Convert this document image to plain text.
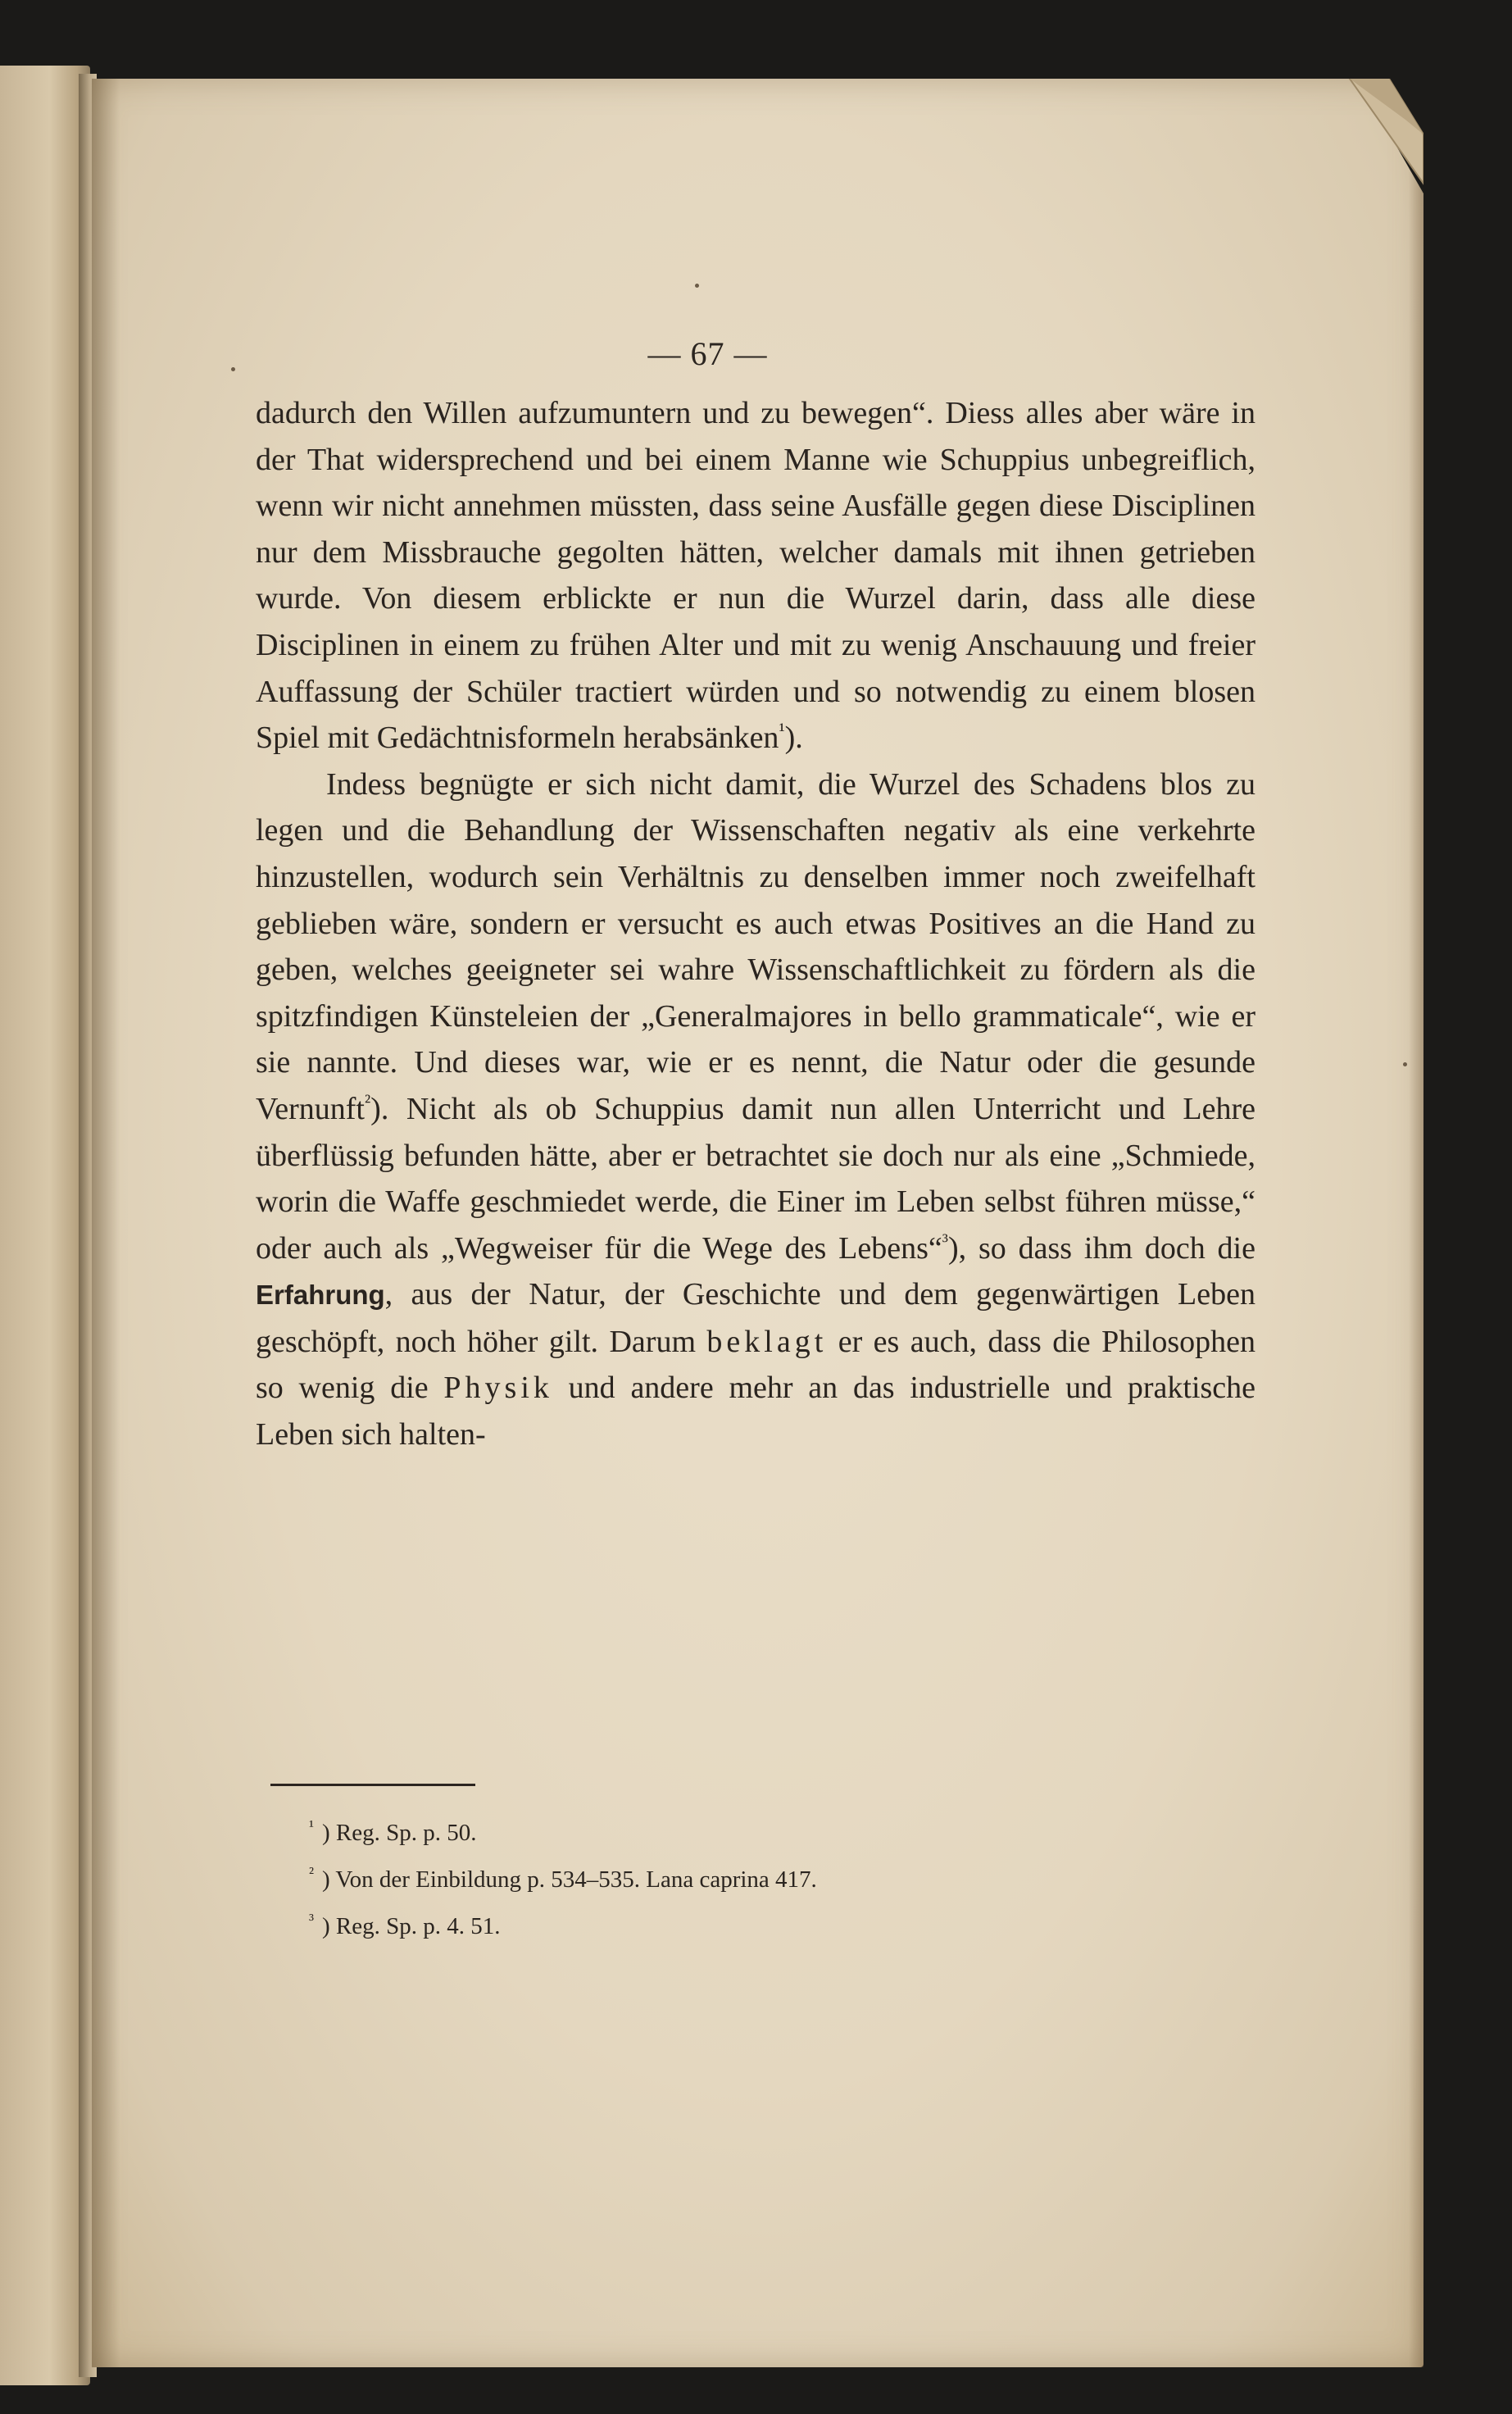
— 67 —

dadurch den Willen aufzumuntern und zu bewegen“. Diess alles aber wäre in der That widersprechend und bei einem Manne wie Schuppius unbegreiflich, wenn wir nicht annehmen müssten, dass seine Ausfälle gegen diese Disciplinen nur dem Missbrauche gegolten hätten, welcher damals mit ihnen getrieben wurde. Von diesem erblickte er nun die Wurzel darin, dass alle diese Disciplinen in einem zu frühen Alter und mit zu wenig Anschauung und freier Auffassung der Schüler tractiert würden und so notwendig zu einem blosen Spiel mit Gedächtnisformeln herabsänken$^{^1}$).

Indess begnügte er sich nicht damit, die Wurzel des Schadens blos zu legen und die Behandlung der Wissenschaften negativ als eine verkehrte hinzustellen, wodurch sein Verhältnis zu denselben immer noch zweifelhaft geblieben wäre, sondern er versucht es auch etwas Positives an die Hand zu geben, welches geeigneter sei wahre Wissenschaftlichkeit zu fördern als die spitzfindigen Künsteleien der „Generalmajores in bello grammaticale“, wie er sie nannte. Und dieses war, wie er es nennt, die Natur oder die gesunde Vernunft$^{^2}$). Nicht als ob Schuppius damit nun allen Unterricht und Lehre überflüssig befunden hätte, aber er betrachtet sie doch nur als eine „Schmiede, worin die Waffe geschmiedet werde, die Einer im Leben selbst führen müsse,“ oder auch als „Wegweiser für die Wege des Lebens“$^{^3}$), so dass ihm doch die Erfahrung, aus der Natur, der Geschichte und dem gegenwärtigen Leben geschöpft, noch höher gilt. Darum beklagt er es auch, dass die Philosophen so wenig die Physik und andere mehr an das industrielle und praktische Leben sich halten-

$^{^1}$ ) Reg. Sp. p. 50.
$^{^2}$ ) Von der Einbildung p. 534–535. Lana caprina 417.
$^{^3}$ ) Reg. Sp. p. 4. 51.
